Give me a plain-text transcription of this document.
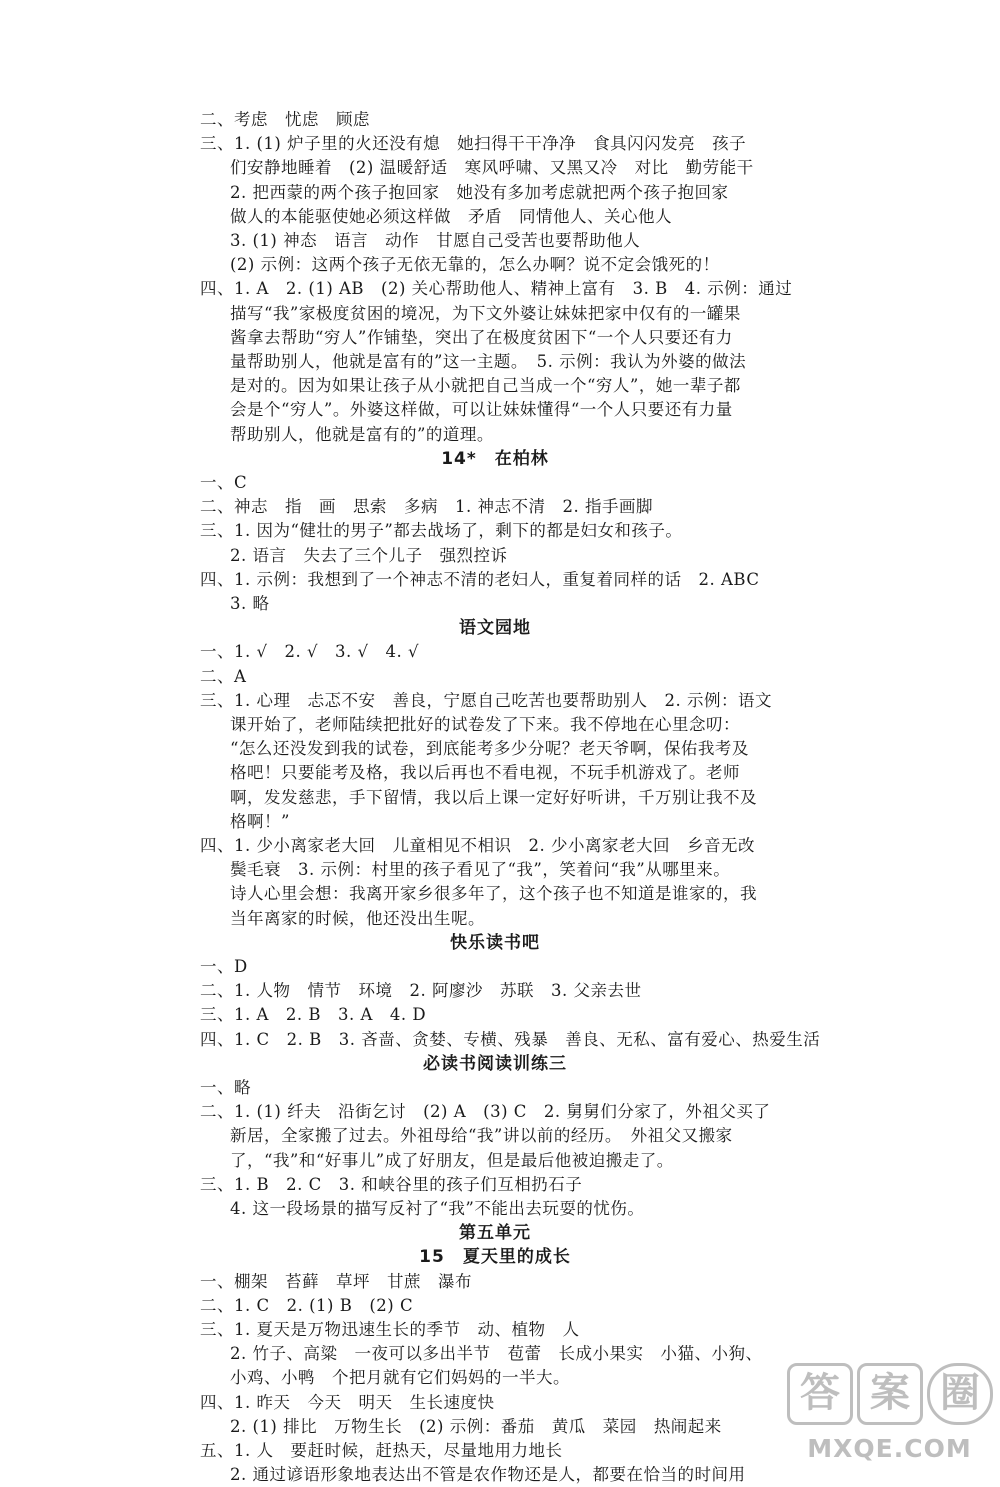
二、考虑　忧虑　顾虑
三、1. (1) 炉子里的火还没有熄　她扫得干干净净　食具闪闪发亮　孩子
们安静地睡着　(2) 温暖舒适　寒风呼啸、又黑又冷　对比　勤劳能干
2. 把西蒙的两个孩子抱回家　她没有多加考虑就把两个孩子抱回家
做人的本能驱使她必须这样做　矛盾　同情他人、关心他人
3. (1) 神态　语言　动作　甘愿自己受苦也要帮助他人
(2) 示例：这两个孩子无依无靠的，怎么办啊？说不定会饿死的！
四、1. A　2. (1) AB　(2) 关心帮助他人、精神上富有　3. B　4. 示例：通过
描写“我”家极度贫困的境况，为下文外婆让妹妹把家中仅有的一罐果
酱拿去帮助“穷人”作铺垫，突出了在极度贫困下“一个人只要还有力
量帮助别人，他就是富有的”这一主题。　5. 示例：我认为外婆的做法
是对的。因为如果让孩子从小就把自己当成一个“穷人”，她一辈子都
会是个“穷人”。外婆这样做，可以让妹妹懂得“一个人只要还有力量
帮助别人，他就是富有的”的道理。
14*　在柏林
一、C
二、神志　指　画　思索　多病　1. 神志不清　2. 指手画脚
三、1. 因为“健壮的男子”都去战场了，剩下的都是妇女和孩子。
2. 语言　失去了三个儿子　强烈控诉
四、1. 示例：我想到了一个神志不清的老妇人，重复着同样的话　2. ABC
3. 略
语文园地
一、1. √　2. √　3. √　4. √
二、A
三、1. 心理　忐忑不安　善良，宁愿自己吃苦也要帮助别人　2. 示例：语文
课开始了，老师陆续把批好的试卷发了下来。我不停地在心里念叨：
“怎么还没发到我的试卷，到底能考多少分呢？老天爷啊，保佑我考及
格吧！只要能考及格，我以后再也不看电视，不玩手机游戏了。老师
啊，发发慈悲，手下留情，我以后上课一定好好听讲，千万别让我不及
格啊！”
四、1. 少小离家老大回　儿童相见不相识　2. 少小离家老大回　乡音无改
鬓毛衰　3. 示例：村里的孩子看见了“我”，笑着问“我”从哪里来。
诗人心里会想：我离开家乡很多年了，这个孩子也不知道是谁家的，我
当年离家的时候，他还没出生呢。
快乐读书吧
一、D
二、1. 人物　情节　环境　2. 阿廖沙　苏联　3. 父亲去世
三、1. A　2. B　3. A　4. D
四、1. C　2. B　3. 吝啬、贪婪、专横、残暴　善良、无私、富有爱心、热爱生活
必读书阅读训练三
一、略
二、1. (1) 纤夫　沿街乞讨　(2) A　(3) C　2. 舅舅们分家了，外祖父买了
新居，全家搬了过去。外祖母给“我”讲以前的经历。　外祖父又搬家
了，“我”和“好事儿”成了好朋友，但是最后他被迫搬走了。
三、1. B　2. C　3. 和峡谷里的孩子们互相扔石子
4. 这一段场景的描写反衬了“我”不能出去玩耍的忧伤。
第五单元
15　夏天里的成长
一、棚架　苔藓　草坪　甘蔗　瀑布
二、1. C　2. (1) B　(2) C
三、1. 夏天是万物迅速生长的季节　动、植物　人
2. 竹子、高粱　一夜可以多出半节　苞蕾　长成小果实　小猫、小狗、
小鸡、小鸭　个把月就有它们妈妈的一半大。
四、1. 昨天　今天　明天　生长速度快
2. (1) 排比　万物生长　(2) 示例：番茄　黄瓜　菜园　热闹起来
五、1. 人　要赶时候，赶热天，尽量地用力地长
2. 通过谚语形象地表达出不管是农作物还是人，都要在恰当的时间用
答 案 圈
MXQE.COM
